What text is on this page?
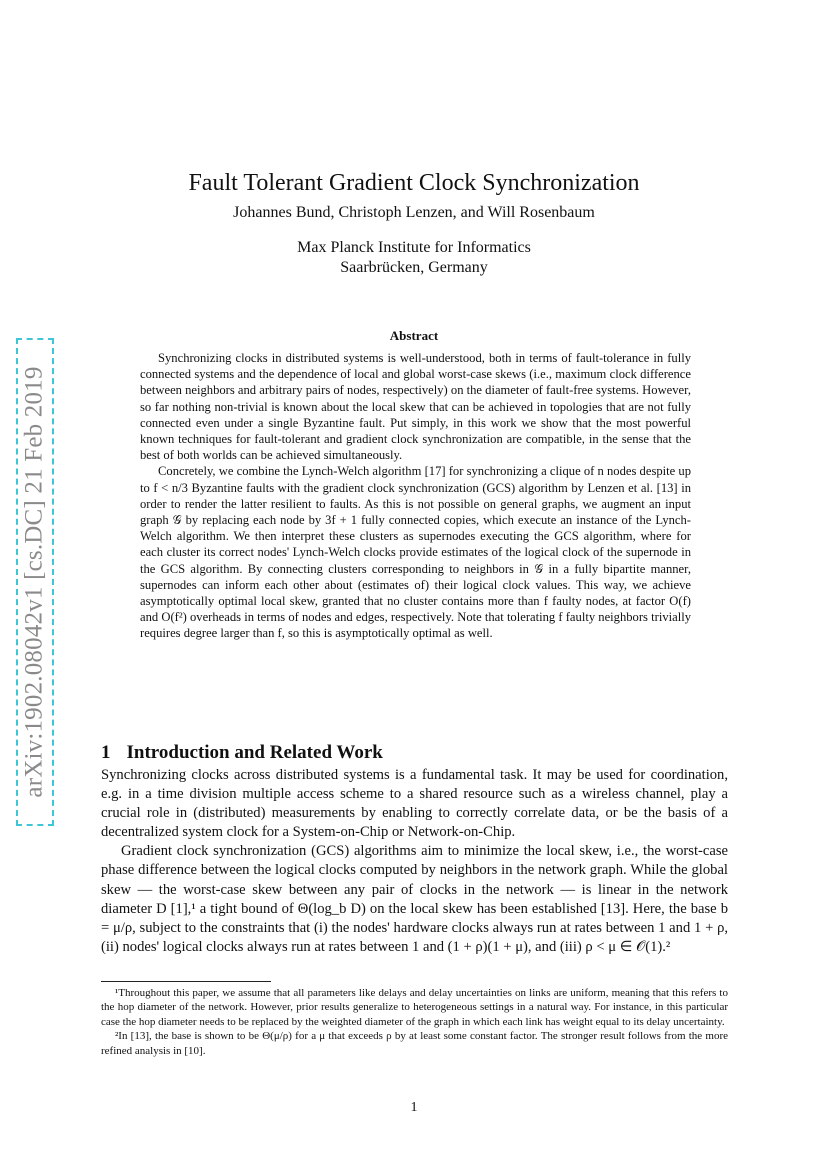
arXiv:1902.08042v1 [cs.DC] 21 Feb 2019
Fault Tolerant Gradient Clock Synchronization
Johannes Bund, Christoph Lenzen, and Will Rosenbaum
Max Planck Institute for Informatics
Saarbrücken, Germany
Abstract

Synchronizing clocks in distributed systems is well-understood, both in terms of fault-tolerance in fully connected systems and the dependence of local and global worst-case skews (i.e., maximum clock difference between neighbors and arbitrary pairs of nodes, respectively) on the diameter of fault-free systems. However, so far nothing non-trivial is known about the local skew that can be achieved in topologies that are not fully connected even under a single Byzantine fault. Put simply, in this work we show that the most powerful known techniques for fault-tolerant and gradient clock synchronization are compatible, in the sense that the best of both worlds can be achieved simultaneously.

Concretely, we combine the Lynch-Welch algorithm [17] for synchronizing a clique of n nodes despite up to f < n/3 Byzantine faults with the gradient clock synchronization (GCS) algorithm by Lenzen et al. [13] in order to render the latter resilient to faults. As this is not possible on general graphs, we augment an input graph 𝒢 by replacing each node by 3f + 1 fully connected copies, which execute an instance of the Lynch-Welch algorithm. We then interpret these clusters as supernodes executing the GCS algorithm, where for each cluster its correct nodes' Lynch-Welch clocks provide estimates of the logical clock of the supernode in the GCS algorithm. By connecting clusters corresponding to neighbors in 𝒢 in a fully bipartite manner, supernodes can inform each other about (estimates of) their logical clock values. This way, we achieve asymptotically optimal local skew, granted that no cluster contains more than f faulty nodes, at factor O(f) and O(f²) overheads in terms of nodes and edges, respectively. Note that tolerating f faulty neighbors trivially requires degree larger than f, so this is asymptotically optimal as well.

1 Introduction and Related Work

Synchronizing clocks across distributed systems is a fundamental task. It may be used for coordination, e.g. in a time division multiple access scheme to a shared resource such as a wireless channel, play a crucial role in (distributed) measurements by enabling to correctly correlate data, or be the basis of a decentralized system clock for a System-on-Chip or Network-on-Chip.

Gradient clock synchronization (GCS) algorithms aim to minimize the local skew, i.e., the worst-case phase difference between the logical clocks computed by neighbors in the network graph. While the global skew — the worst-case skew between any pair of clocks in the network — is linear in the network diameter D [1],¹ a tight bound of Θ(log_b D) on the local skew has been established [13]. Here, the base b = μ/ρ, subject to the constraints that (i) the nodes' hardware clocks always run at rates between 1 and 1 + ρ, (ii) nodes' logical clocks always run at rates between 1 and (1 + ρ)(1 + μ), and (iii) ρ < μ ∈ 𝒪(1).²

¹Throughout this paper, we assume that all parameters like delays and delay uncertainties on links are uniform, meaning that this refers to the hop diameter of the network. However, prior results generalize to heterogeneous settings in a natural way. For instance, in this particular case the hop diameter needs to be replaced by the weighted diameter of the graph in which each link has weight equal to its delay uncertainty.

²In [13], the base is shown to be Θ(μ/ρ) for a μ that exceeds ρ by at least some constant factor. The stronger result follows from the more refined analysis in [10].

1
